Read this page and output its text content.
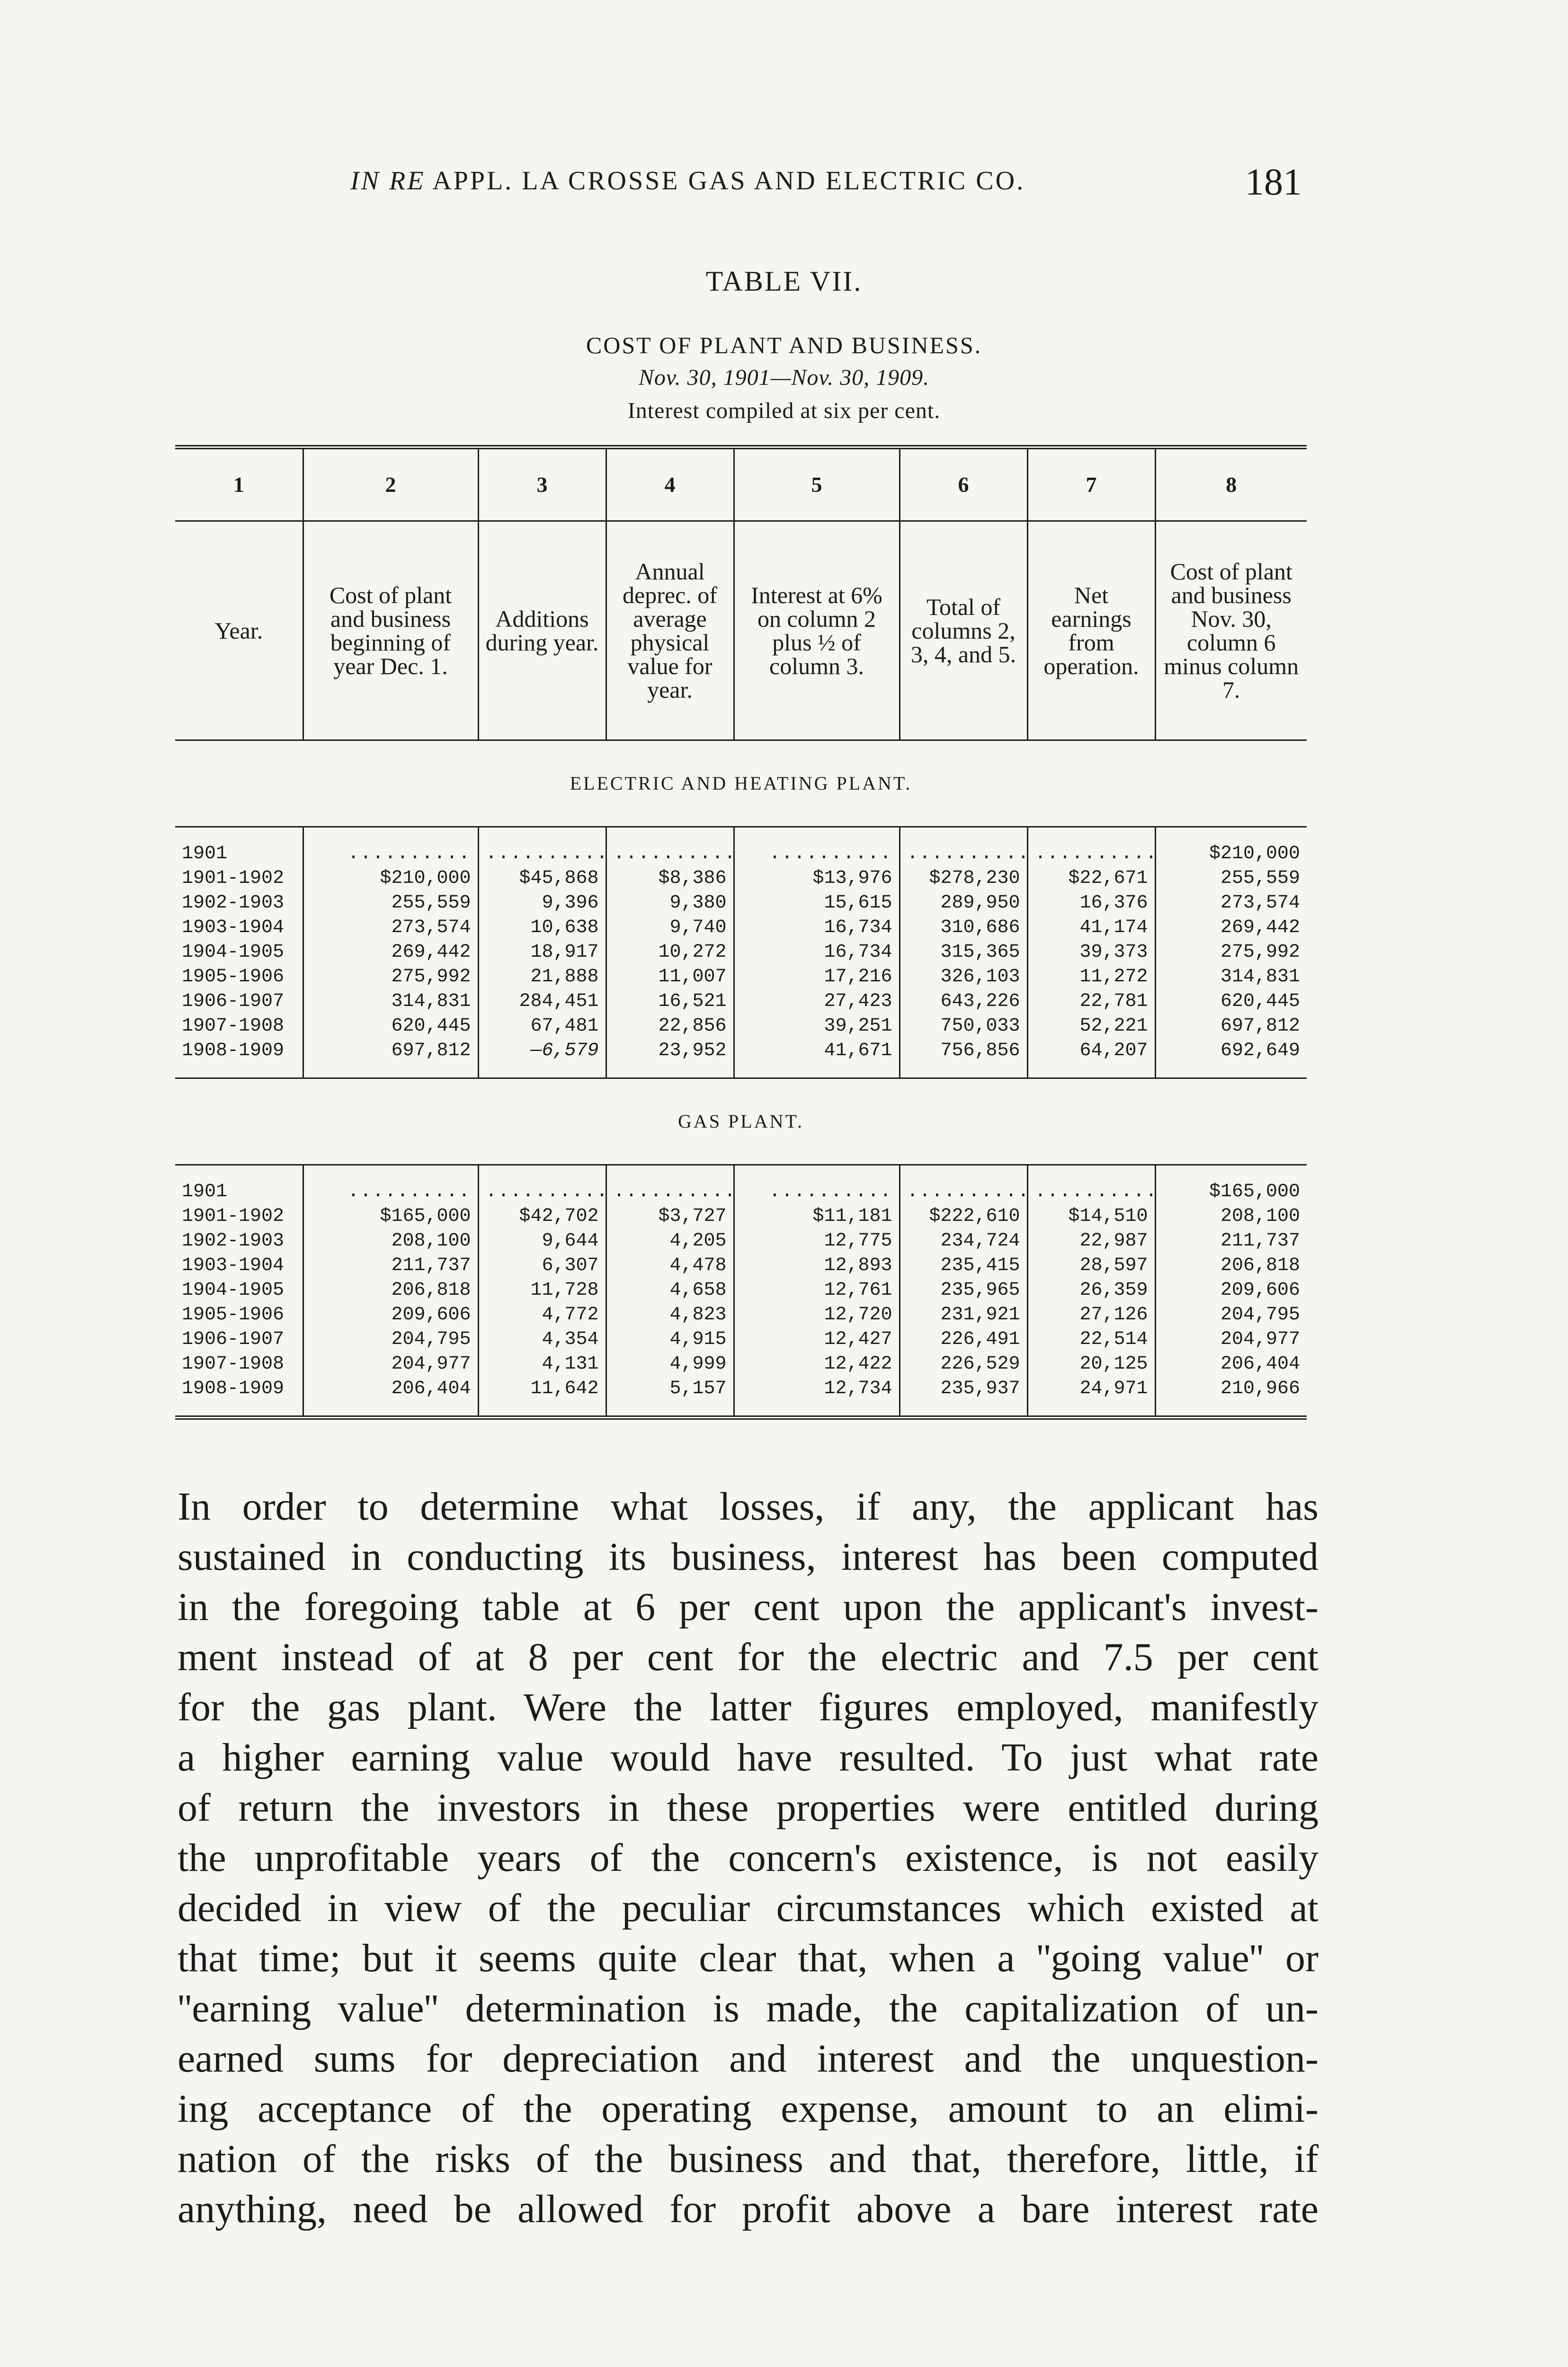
IN RE APPL. LA CROSSE GAS AND ELECTRIC CO.	181
TABLE VII.
COST OF PLANT AND BUSINESS.
Nov. 30, 1901—Nov. 30, 1909.
Interest compiled at six per cent.

1	2	3	4	5	6	7	8
Year.	Cost of plant and business beginning of year Dec. 1.	Additions during year.	Annual deprec. of average physical value for year.	Interest at 6% on column 2 plus ½ of column 3.	Total of columns 2, 3, 4, and 5.	Net earnings from operation.	Cost of plant and business Nov. 30, column 6 minus column 7.
ELECTRIC AND HEATING PLANT.							

1901	..........	..........	..........	..........	..........	..........	$210,000
1901-1902	$210,000	$45,868	$8,386	$13,976	$278,230	$22,671	255,559
1902-1903	255,559	9,396	9,380	15,615	289,950	16,376	273,574
1903-1904	273,574	10,638	9,740	16,734	310,686	41,174	269,442
1904-1905	269,442	18,917	10,272	16,734	315,365	39,373	275,992
1905-1906	275,992	21,888	11,007	17,216	326,103	11,272	314,831
1906-1907	314,831	284,451	16,521	27,423	643,226	22,781	620,445
1907-1908	620,445	67,481	22,856	39,251	750,033	52,221	697,812
1908-1909	697,812	—6,579	23,952	41,671	756,856	64,207	692,649

GAS PLANT.							

1901	..........	..........	..........	..........	..........	..........	$165,000
1901-1902	$165,000	$42,702	$3,727	$11,181	$222,610	$14,510	208,100
1902-1903	208,100	9,644	4,205	12,775	234,724	22,987	211,737
1903-1904	211,737	6,307	4,478	12,893	235,415	28,597	206,818
1904-1905	206,818	11,728	4,658	12,761	235,965	26,359	209,606
1905-1906	209,606	4,772	4,823	12,720	231,921	27,126	204,795
1906-1907	204,795	4,354	4,915	12,427	226,491	22,514	204,977
1907-1908	204,977	4,131	4,999	12,422	226,529	20,125	206,404
1908-1909	206,404	11,642	5,157	12,734	235,937	24,971	210,966

In order to determine what losses, if any, the applicant has
sustained in conducting its business, interest has been computed
in the foregoing table at 6 per cent upon the applicant's invest-
ment instead of at 8 per cent for the electric and 7.5 per cent
for the gas plant. Were the latter figures employed, manifestly
a higher earning value would have resulted. To just what rate
of return the investors in these properties were entitled during
the unprofitable years of the concern's existence, is not easily
decided in view of the peculiar circumstances which existed at
that time; but it seems quite clear that, when a ''going value'' or
''earning value'' determination is made, the capitalization of un-
earned sums for depreciation and interest and the unquestion-
ing acceptance of the operating expense, amount to an elimi-
nation of the risks of the business and that, therefore, little, if
anything, need be allowed for profit above a bare interest rate
